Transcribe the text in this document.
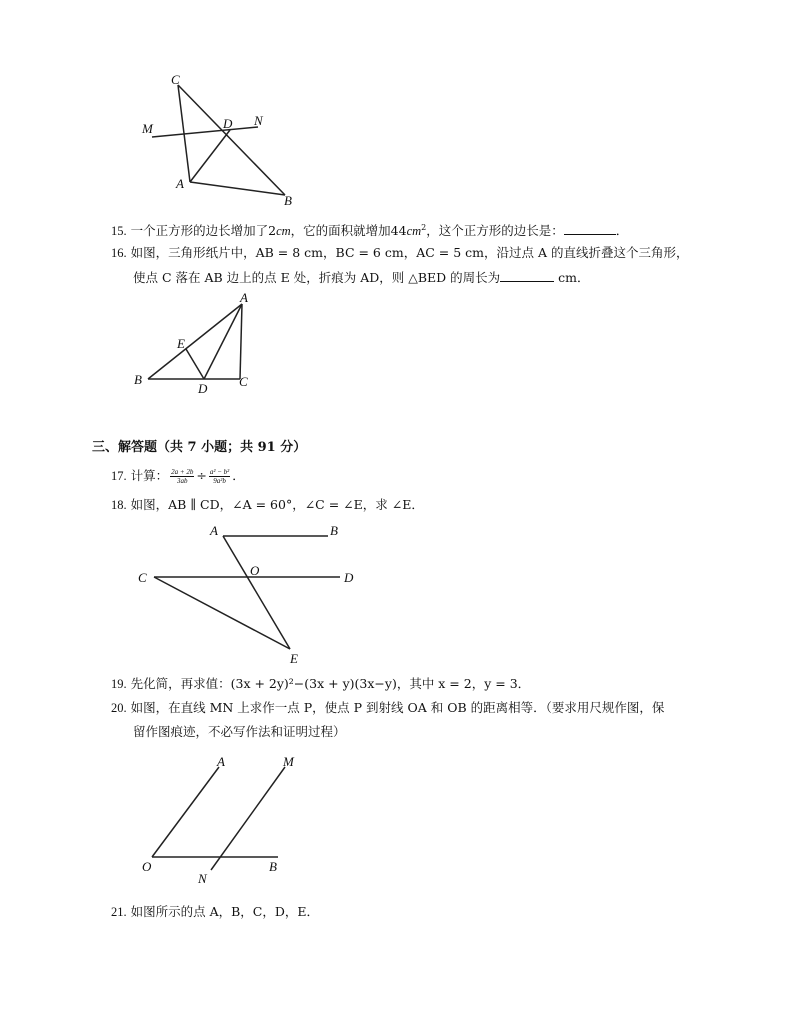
C
M	D N
A
B
15. 一个正方形的边长增加了2cm，它的面积就增加$44cm^2$，这个正方形的边长是：	．
16. 如图，三角形纸片中，AB = 8 cm，BC = 6 cm，AC = 5 cm，沿过点 A 的直线折叠这个三角形，
使点 C 落在 AB 边上的点 E 处，折痕为 AD，则 △BED 的周长为	cm．
A
E
B
D C
三、解答题（共 7 小题；共 91 分）
17. 计算： $\frac{2a + 2b}{3ab} \div \frac{\text{a² − b²}}{\text{9a²b}}$ ．
18. 如图，AB ∥ CD，∠A = 60°，∠C = ∠E，求 ∠E．
A	B
C	O	D
E
19. 先化简，再求值：(3x + 2y)²−(3x + y)(3x−y)，其中 x = 2，y = 3．
20. 如图，在直线 MN 上求作一点 P，使点 P 到射线 OA 和 OB 的距离相等．（要求用尺规作图，保
留作图痕迹，不必写作法和证明过程）
A	M
O
N
B
21. 如图所示的点 A，B，C，D，E．
